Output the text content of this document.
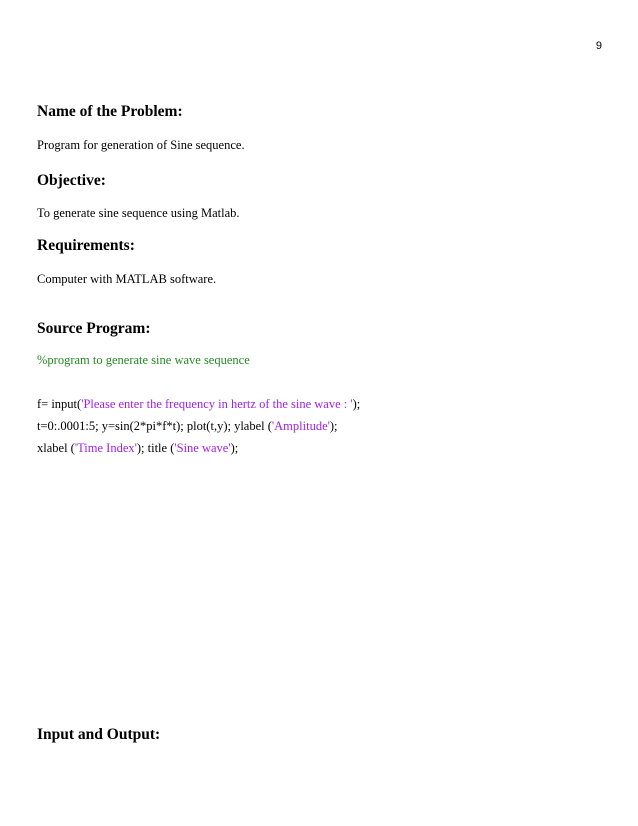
9
Name of the Problem:

Program for generation of Sine sequence.

Objective:

To generate sine sequence using Matlab.

Requirements:

Computer with MATLAB software.

Source Program:

%program to generate sine wave sequence

f= input('Please enter the frequency in hertz of the sine wave : ');

t=0:.0001:5; y=sin(2*pi*f*t); plot(t,y); ylabel ('Amplitude');

xlabel ('Time Index'); title ('Sine wave');

Input and Output:
